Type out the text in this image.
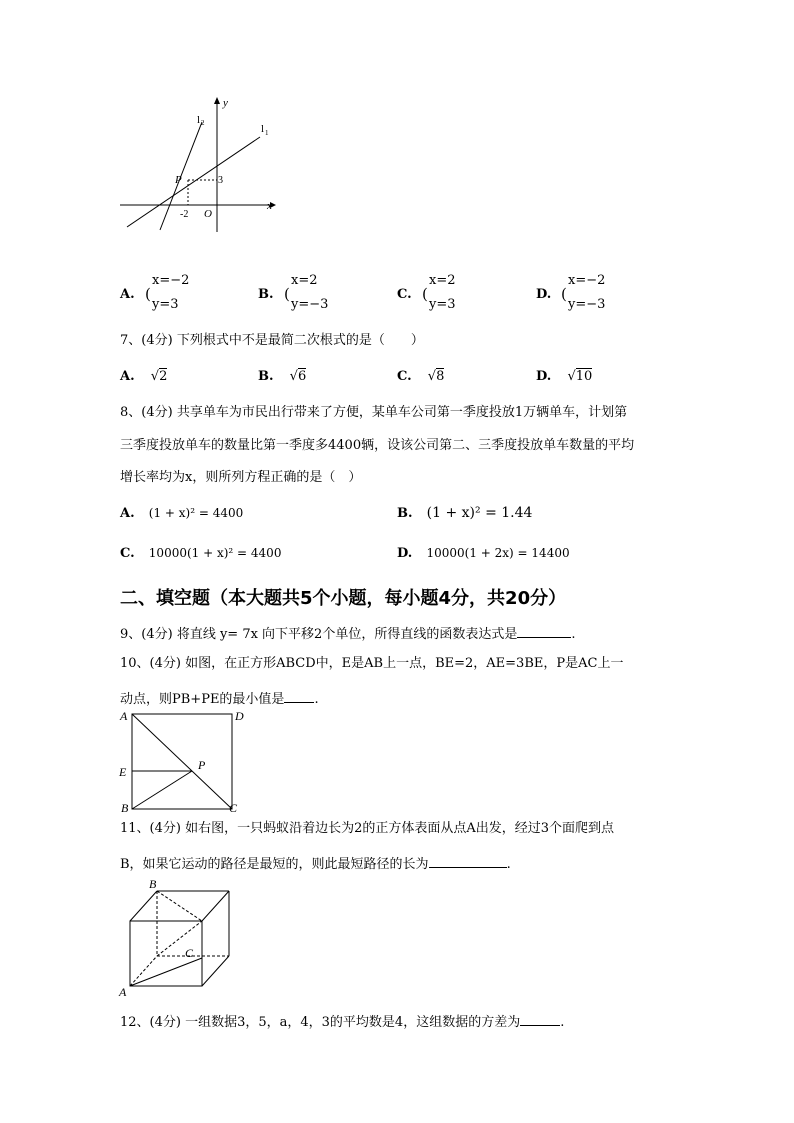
y
x
l 2	l 1
P	3
-2 O
A. (
x=−2
y=3
B. (
x=2
y=−3
C. (
x=2
y=3
D. (
x=−2
y=−3
7、(4分) 下列根式中不是最简二次根式的是（　　）
A. √2	B. √6	C. √8	D. √10
8、(4分) 共享单车为市民出行带来了方便，某单车公司第一季度投放1万辆单车，计划第
三季度投放单车的数量比第一季度多4400辆，设该公司第二、三季度投放单车数量的平均
增长率均为x，则所列方程正确的是（　）
A. (1 + x)² = 4400	B. (1 + x)² = 1.44
C. 10000(1 + x)² = 4400	D. 10000(1 + 2x) = 14400
二、填空题（本大题共5个小题，每小题4分，共20分）
9、(4分) 将直线 y= 7x 向下平移2个单位，所得直线的函数表达式是	.
10、(4分) 如图，在正方形ABCD中，E是AB上一点，BE=2，AE=3BE，P是AC上一
动点，则PB+PE的最小值是 .
A	D
E	P
B	C
11、(4分) 如右图，一只蚂蚁沿着边长为2的正方体表面从点A出发，经过3个面爬到点
B，如果它运动的路径是最短的，则此最短路径的长为	.
B
C
A
12、(4分) 一组数据3，5，a，4，3的平均数是4，这组数据的方差为	.
